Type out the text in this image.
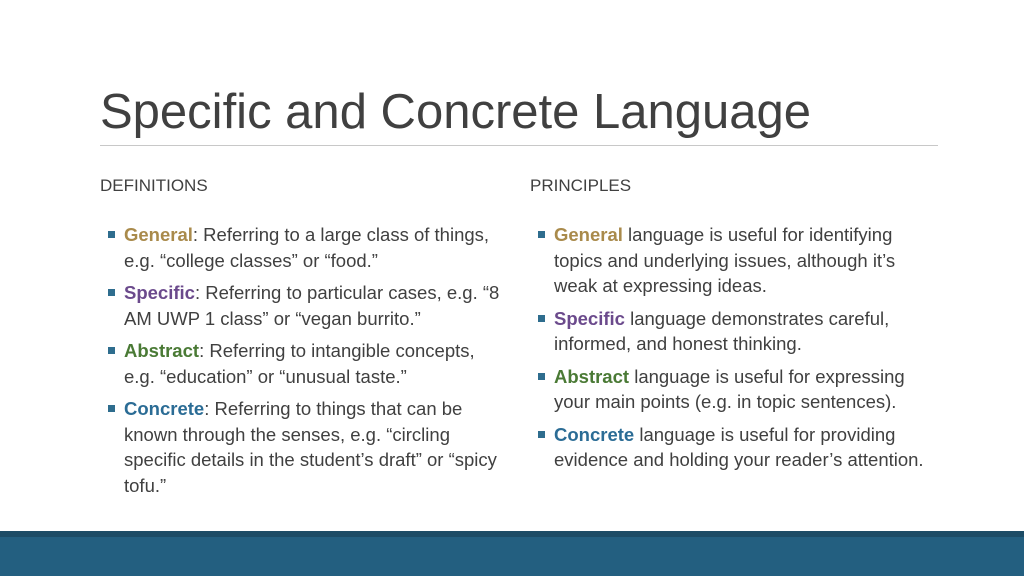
Specific and Concrete Language
DEFINITIONS	PRINCIPLES
General: Referring to a large class of things, e.g. “college classes” or “food.”
Specific: Referring to particular cases, e.g. “8 AM UWP 1 class” or “vegan burrito.”
Abstract: Referring to intangible concepts, e.g. “education” or “unusual taste.”
Concrete: Referring to things that can be known through the senses, e.g. “circling specific details in the student’s draft” or “spicy tofu.”
General language is useful for identifying topics and underlying issues, although it’s weak at expressing ideas.
Specific language demonstrates careful, informed, and honest thinking.
Abstract language is useful for expressing your main points (e.g. in topic sentences).
Concrete language is useful for providing evidence and holding your reader’s attention.
